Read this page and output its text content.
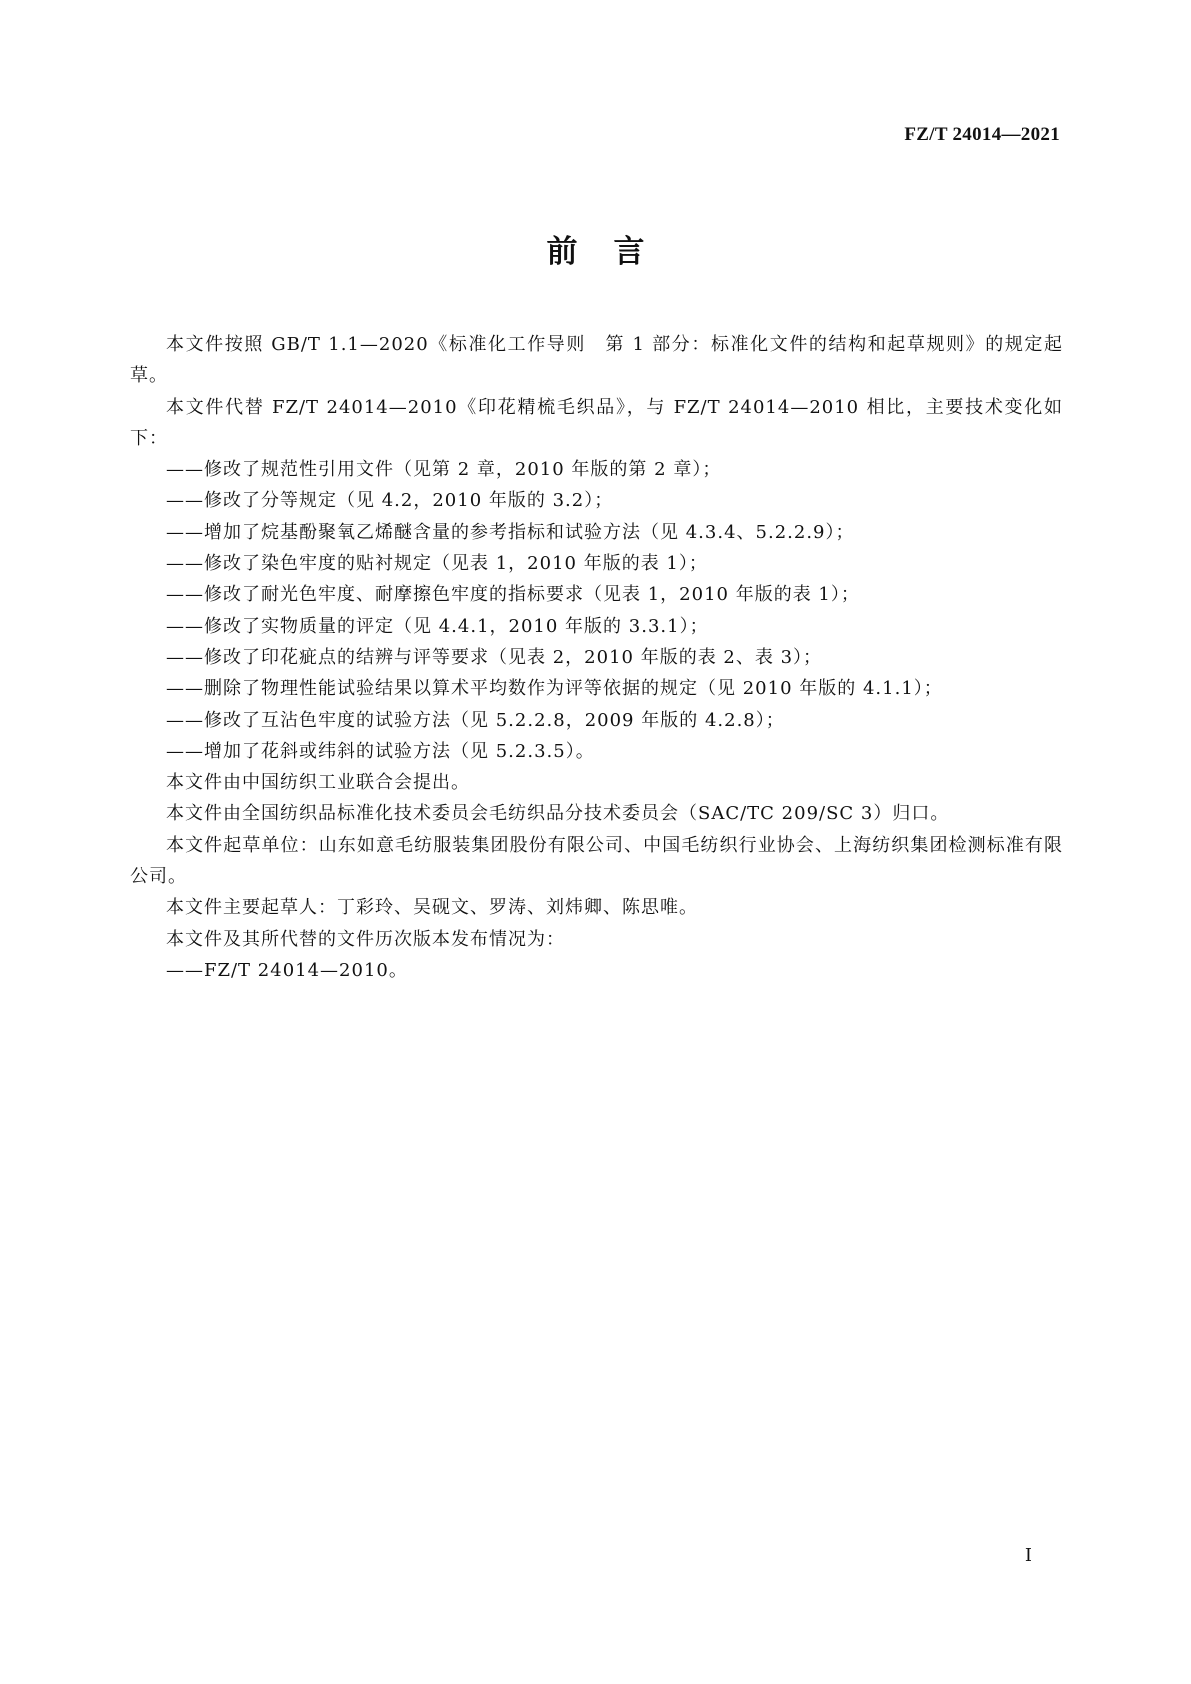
FZ/T 24014—2021
前言

本文件按照 GB/T 1.1—2020《标准化工作导则　第 1 部分：标准化文件的结构和起草规则》的规定起草。

本文件代替 FZ/T 24014—2010《印花精梳毛织品》，与 FZ/T 24014—2010 相比，主要技术变化如下：

——修改了规范性引用文件（见第 2 章，2010 年版的第 2 章）；

——修改了分等规定（见 4.2，2010 年版的 3.2）；

——增加了烷基酚聚氧乙烯醚含量的参考指标和试验方法（见 4.3.4、5.2.2.9）；

——修改了染色牢度的贴衬规定（见表 1，2010 年版的表 1）；

——修改了耐光色牢度、耐摩擦色牢度的指标要求（见表 1，2010 年版的表 1）；

——修改了实物质量的评定（见 4.4.1，2010 年版的 3.3.1）；

——修改了印花疵点的结辨与评等要求（见表 2，2010 年版的表 2、表 3）；

——删除了物理性能试验结果以算术平均数作为评等依据的规定（见 2010 年版的 4.1.1）；

——修改了互沾色牢度的试验方法（见 5.2.2.8，2009 年版的 4.2.8）；

——增加了花斜或纬斜的试验方法（见 5.2.3.5）。

本文件由中国纺织工业联合会提出。

本文件由全国纺织品标准化技术委员会毛纺织品分技术委员会（SAC/TC 209/SC 3）归口。

本文件起草单位：山东如意毛纺服装集团股份有限公司、中国毛纺织行业协会、上海纺织集团检测标准有限公司。

本文件主要起草人：丁彩玲、吴砚文、罗涛、刘炜卿、陈思唯。

本文件及其所代替的文件历次版本发布情况为：

——FZ/T 24014—2010。

I
